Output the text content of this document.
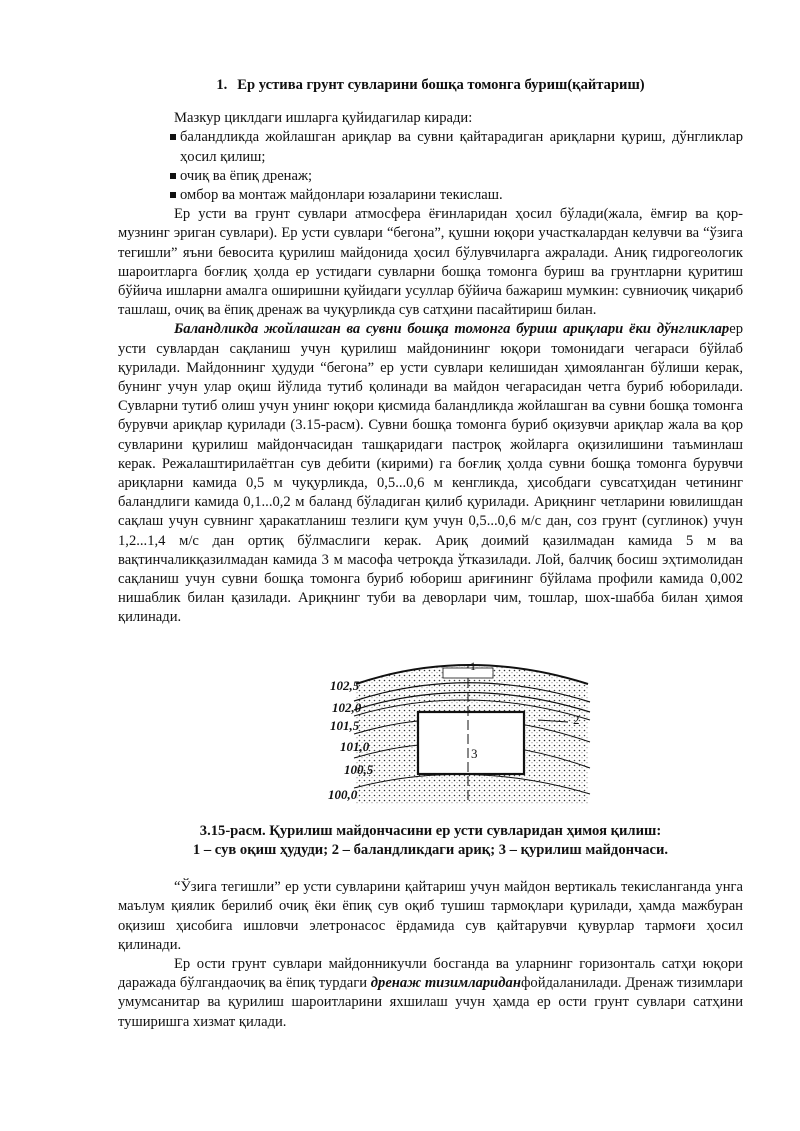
1. Ер устива грунт сувларини бошқа томонга буриш(қайтариш)

Мазкур циклдаги ишларга қуйидагилар киради:

баландликда жойлашган ариқлар ва сувни қайтарадиган ариқларни қуриш, дўнгликлар ҳосил қилиш;
очиқ ва ёпиқ дренаж;
омбор ва монтаж майдонлари юзаларини текислаш.

Ер усти ва грунт сувлари атмосфера ёғинларидан ҳосил бўлади(жала, ёмғир ва қор-музнинг эриган сувлари). Ер усти сувлари “бегона”, қушни юқори участкалардан келувчи ва “ўзига тегишли” яъни бевосита қурилиш майдонида ҳосил бўлувчиларга ажралади. Аниқ гидрогеологик шароитларга боғлиқ ҳолда ер устидаги сувларни бошқа томонга буриш ва грунтларни қуритиш бўйича ишларни амалга оширишни қуйидаги усуллар бўйича бажариш мумкин: сувниочиқ чиқариб ташлаш, очиқ ва ёпиқ дренаж ва чуқурликда сув сатҳини пасайтириш билан.

Баландликда жойлашган ва сувни бошқа томонга буриш ариқлари ёки дўнгликларер усти сувлардан сақланиш учун қурилиш майдонининг юқори томонидаги чегараси бўйлаб қурилади. Майдоннинг ҳудуди “бегона” ер усти сувлари келишидан ҳимояланган бўлиши керак, бунинг учун улар оқиш йўлида тутиб қолинади ва майдон чегарасидан четга буриб юборилади. Сувларни тутиб олиш учун унинг юқори қисмида баландликда жойлашган ва сувни бошқа томонга бурувчи ариқлар қурилади (3.15-расм). Сувни бошқа томонга буриб оқизувчи ариқлар жала ва қор сувларини қурилиш майдончасидан ташқаридаги пастроқ жойларга оқизилишини таъминлаш керак. Режалаштирилаётган сув дебити (кирими) га боғлиқ ҳолда сувни бошқа томонга бурувчи ариқларни камида 0,5 м чуқурликда, 0,5...0,6 м кенгликда, ҳисобдаги сувсатҳидан четининг баландлиги камида 0,1...0,2 м баланд бўладиган қилиб қурилади. Ариқнинг четларини ювилишдан сақлаш учун сувнинг ҳаракатланиш тезлиги қум учун 0,5...0,6 м/с дан, соз грунт (суглинок) учун 1,2...1,4 м/с дан ортиқ бўлмаслиги керак. Ариқ доимий қазилмадан камида 5 м ва вақтинчаликқазилмадан камида 3 м масофа четроқда ўтказилади. Лой, балчиқ босиш эҳтимолидан сақланиш учун сувни бошқа томонга буриб юбориш ариғининг бўйлама профили камида 0,002 нишаблик билан қазилади. Ариқнинг туби ва деворлари чим, тошлар, шох-шабба билан ҳимоя қилинади.

102,5
102,0
101,5
101,0
100,5
100,0
1
2
3
3.15-расм. Қурилиш майдончасини ер усти сувларидан ҳимоя қилиш:
1 – сув оқиш ҳудуди; 2 – баландликдаги ариқ; 3 – қурилиш майдончаси.

“Ўзига тегишли” ер усти сувларини қайтариш учун майдон вертикаль текисланганда унга маълум қиялик берилиб очиқ ёки ёпиқ сув оқиб тушиш тармоқлари қурилади, ҳамда мажбуран оқизиш ҳисобига ишловчи элетронасос ёрдамида сув қайтарувчи қувурлар тармоғи ҳосил қилинади.

Ер ости грунт сувлари майдонникучли босганда ва уларнинг горизонталь сатҳи юқори даражада бўлгандаочиқ ва ёпиқ турдаги дренаж тизимлариданфойдаланилади. Дренаж тизимлари умумсанитар ва қурилиш шароитларини яхшилаш учун ҳамда ер ости грунт сувлари сатҳини туширишга хизмат қилади.
